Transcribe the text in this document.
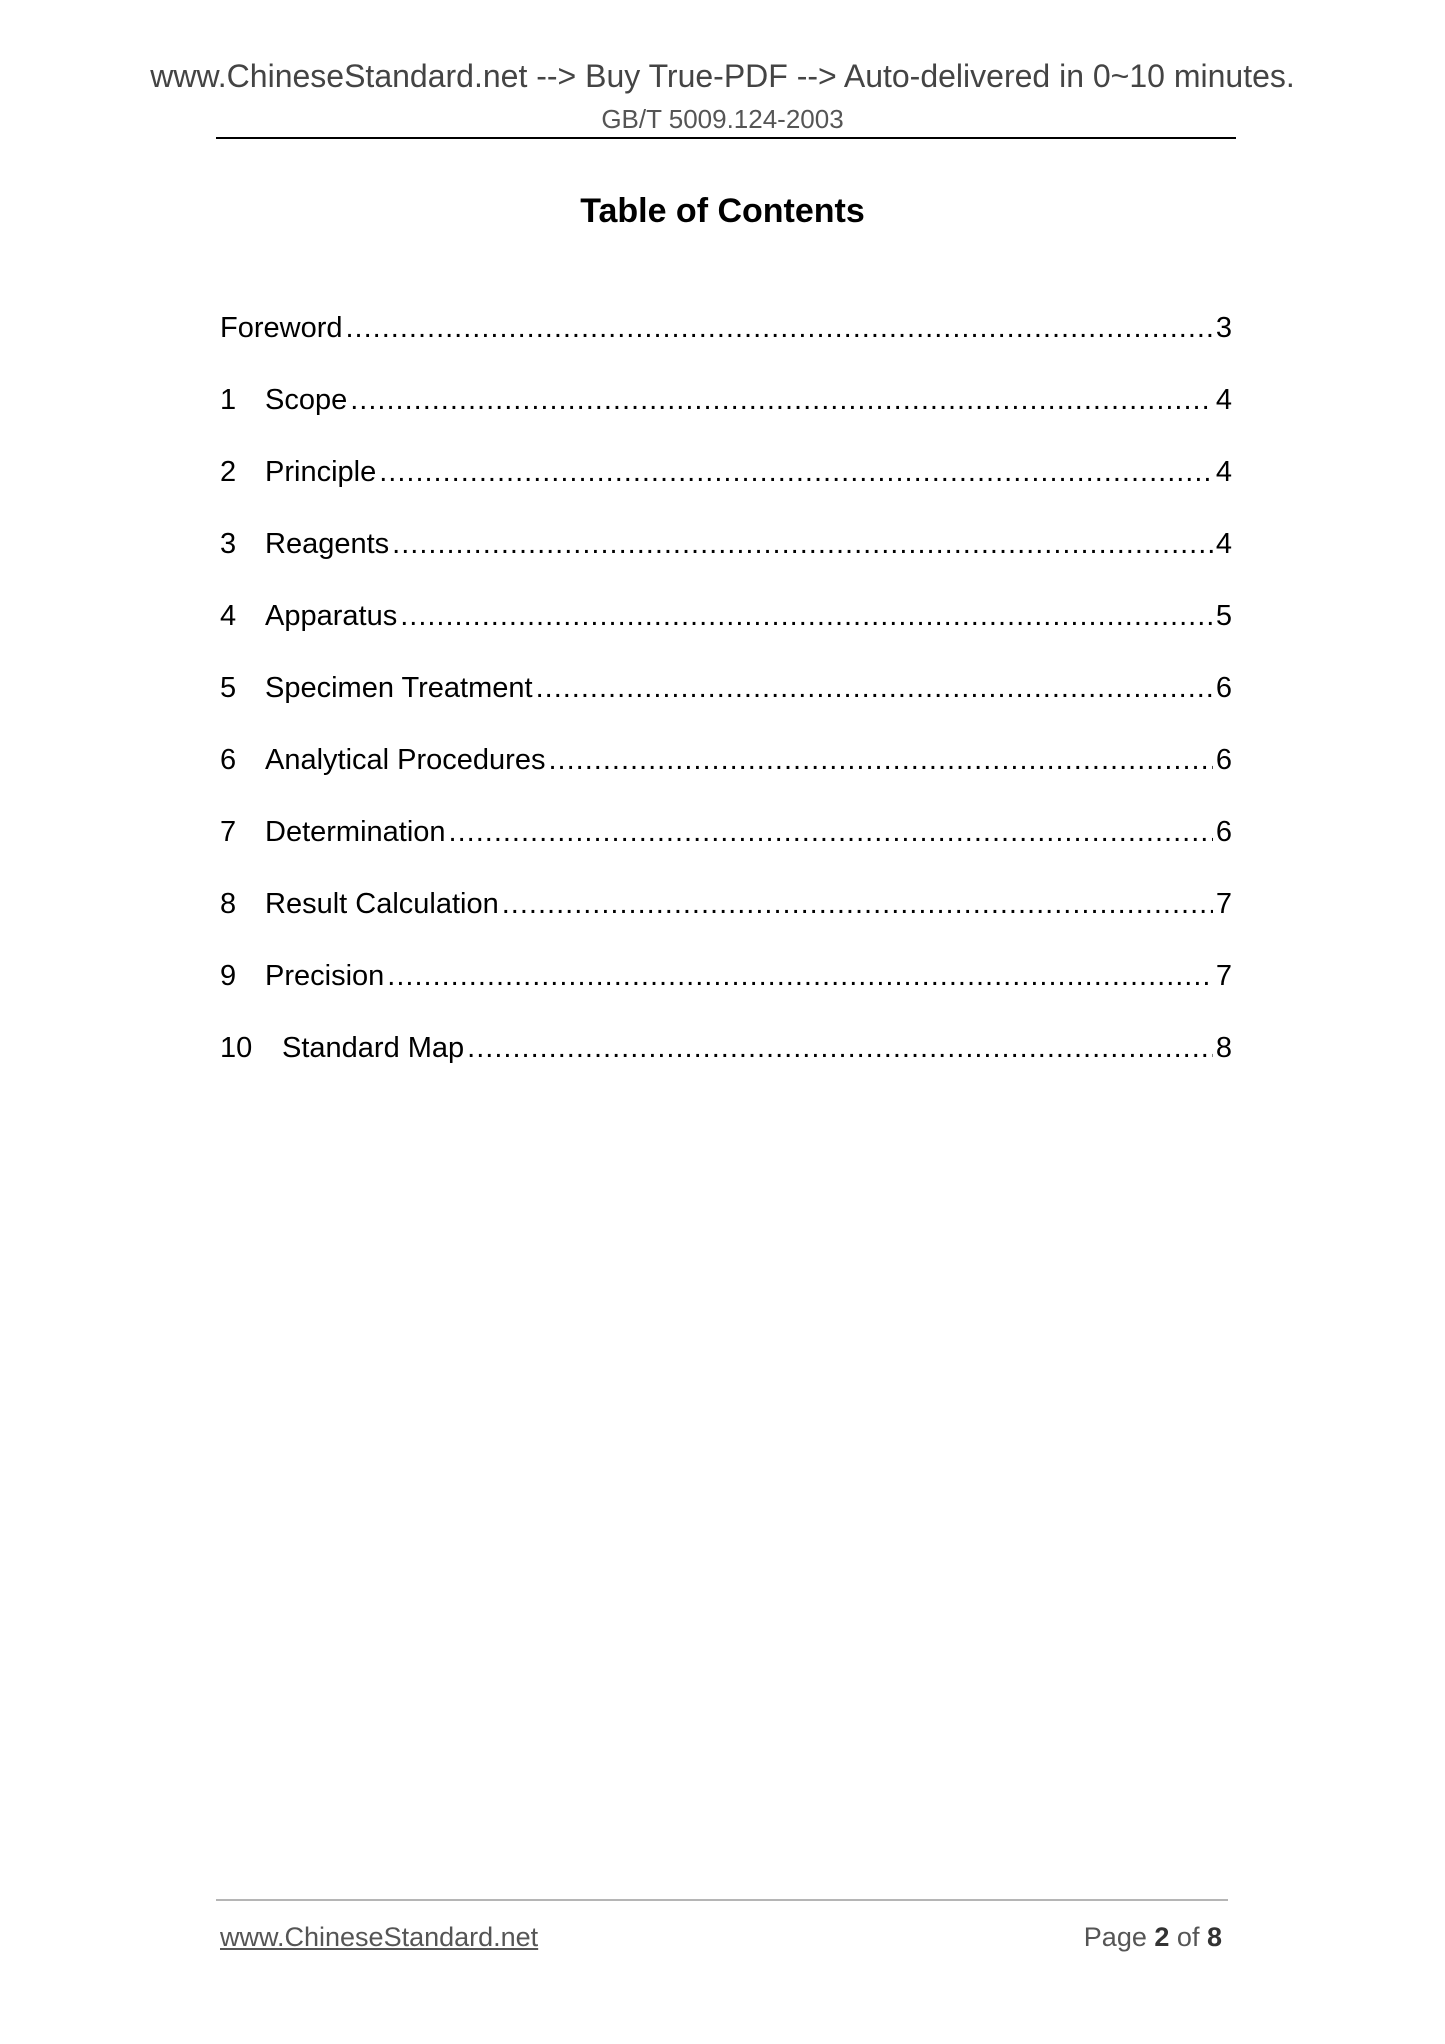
www.ChineseStandard.net --> Buy True-PDF --> Auto-delivered in 0~10 minutes.
GB/T 5009.124-2003
Table of Contents
Foreword .....	3
1 Scope .....	4
2 Principle .....	4
3 Reagents .....	4
4 Apparatus .....	5
5 Specimen Treatment .....	6
6 Analytical Procedures .....	6
7 Determination .....	6
8 Result Calculation .....	7
9 Precision .....	7
10	Standard Map .....	8
www.ChineseStandard.net	Page 2 of 8
